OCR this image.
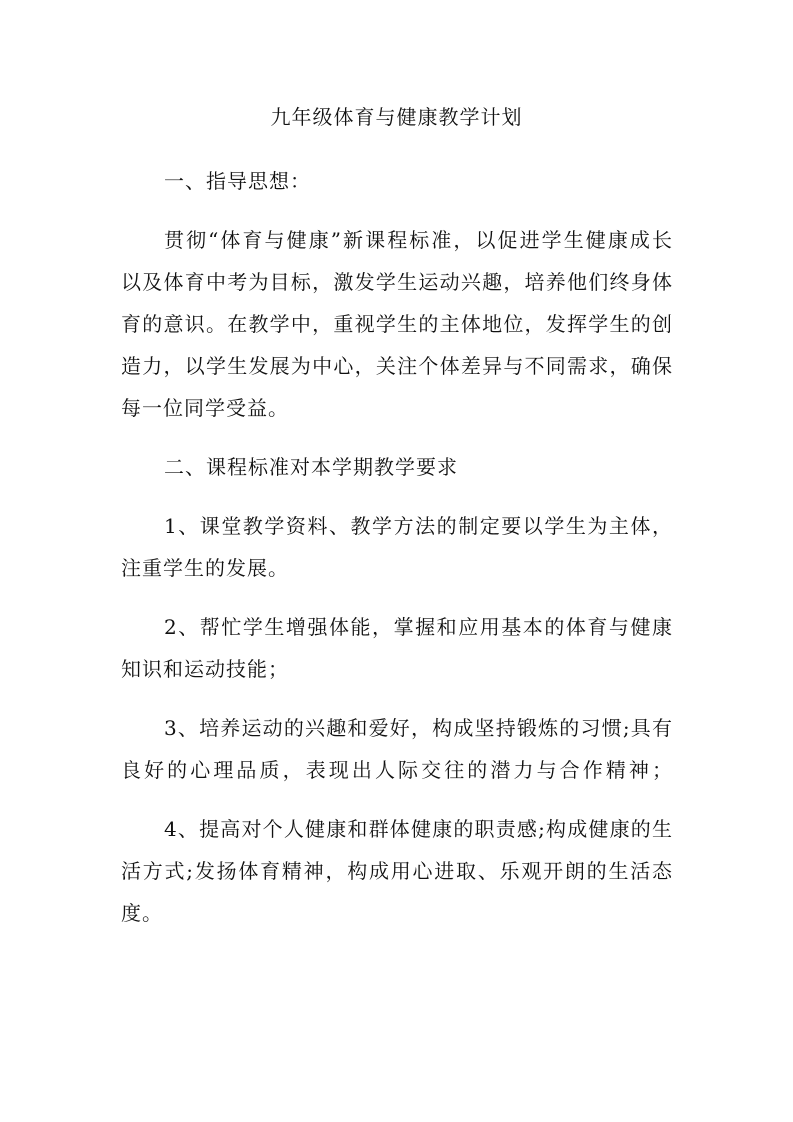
九年级体育与健康教学计划
一、指导思想：
贯彻“体育与健康”新课程标准，以促进学生健康成长
以及体育中考为目标，激发学生运动兴趣，培养他们终身体
育的意识。在教学中，重视学生的主体地位，发挥学生的创
造力，以学生发展为中心，关注个体差异与不同需求，确保
每一位同学受益。
二、课程标准对本学期教学要求
1、课堂教学资料、教学方法的制定要以学生为主体，
注重学生的发展。
2、帮忙学生增强体能，掌握和应用基本的体育与健康
知识和运动技能；
3、培养运动的兴趣和爱好，构成坚持锻炼的习惯;具有
良好的心理品质，表现出人际交往的潜力与合作精神；
4、提高对个人健康和群体健康的职责感;构成健康的生
活方式;发扬体育精神，构成用心进取、乐观开朗的生活态
度。
